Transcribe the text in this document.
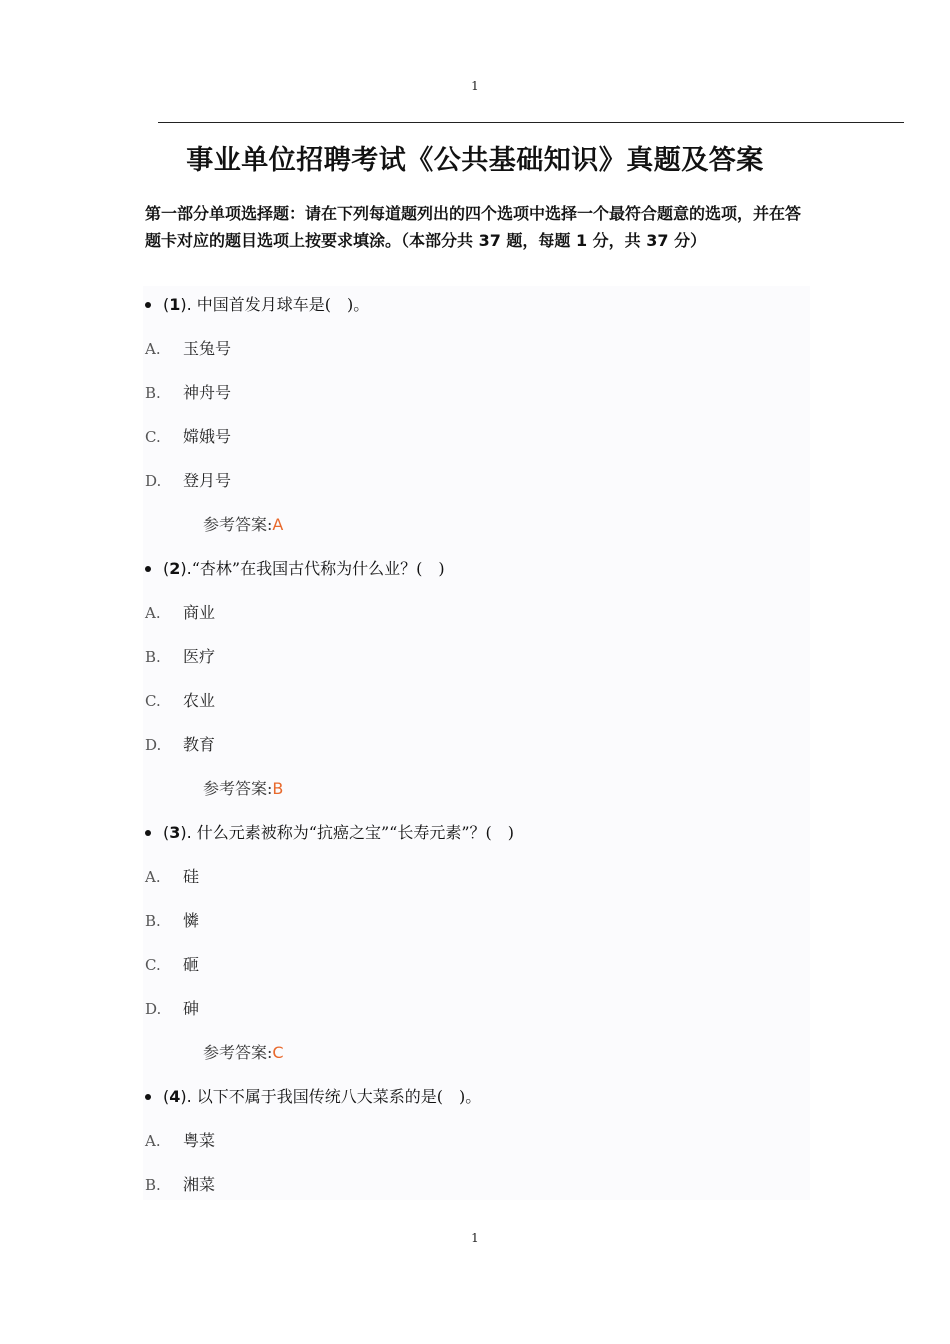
1
事业单位招聘考试《公共基础知识》真题及答案
第一部分单项选择题：请在下列每道题列出的四个选项中选择一个最符合题意的选项，并在答题卡对应的题目选项上按要求填涂。（本部分共 37 题，每题 1 分，共 37 分）
(1). 中国首发月球车是(　)。
A. 玉兔号
B. 神舟号
C. 嫦娥号
D. 登月号
参考答案:A
(2).“杏林”在我国古代称为什么业？(　)
A. 商业
B. 医疗
C. 农业
D. 教育
参考答案:B
(3). 什么元素被称为“抗癌之宝”“长寿元素”？(　)
A. 硅
B. 憐
C. 砸
D. 砷
参考答案:C
(4). 以下不属于我国传统八大菜系的是(　)。
A. 粤菜
B. 湘菜
1
